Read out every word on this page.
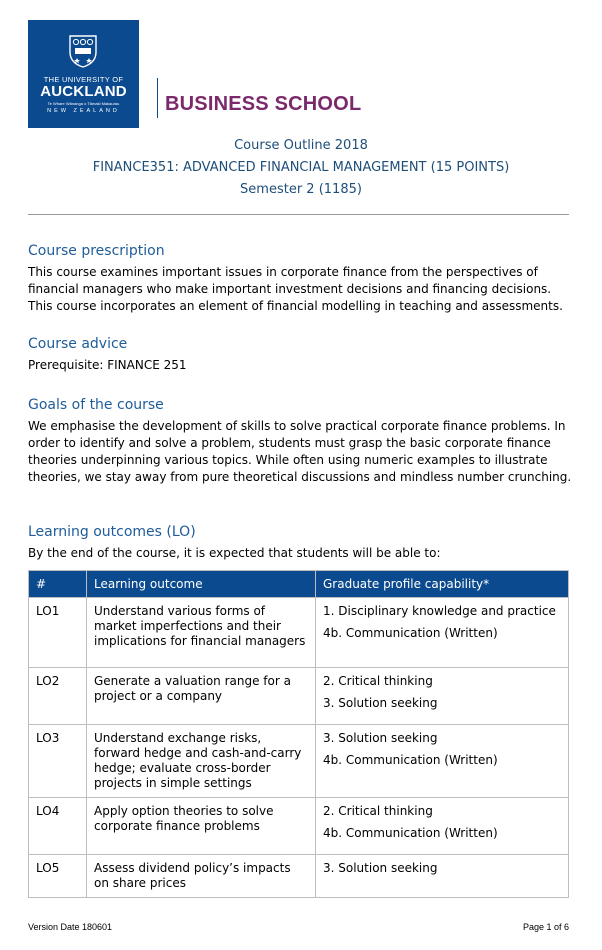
THE UNIVERSITY OF
AUCKLAND
Te Whare Wānanga o Tāmaki Makaurau
NEW ZEALAND	BUSINESS SCHOOL
Course Outline 2018
FINANCE351: ADVANCED FINANCIAL MANAGEMENT (15 POINTS)
Semester 2 (1185)
Course prescription
This course examines important issues in corporate finance from the perspectives of financial managers who make important investment decisions and financing decisions. This course incorporates an element of financial modelling in teaching and assessments.
Course advice
Prerequisite: FINANCE 251
Goals of the course
We emphasise the development of skills to solve practical corporate finance problems. In order to identify and solve a problem, students must grasp the basic corporate finance theories underpinning various topics. While often using numeric examples to illustrate theories, we stay away from pure theoretical discussions and mindless number crunching.
Learning outcomes (LO)
By the end of the course, it is expected that students will be able to:
#	Learning outcome	Graduate profile capability*
LO1	Understand various forms of market imperfections and their implications for financial managers	1. Disciplinary knowledge and practice
4b. Communication (Written)

LO2	Generate a valuation range for a project or a company	2. Critical thinking
3. Solution seeking

LO3	Understand exchange risks, forward hedge and cash-and-carry hedge; evaluate cross-border projects in simple settings	3. Solution seeking
4b. Communication (Written)

LO4	Apply option theories to solve corporate finance problems	2. Critical thinking
4b. Communication (Written)

LO5	Assess dividend policy’s impacts on share prices	3. Solution seeking
Version Date 180601	Page 1 of 6
